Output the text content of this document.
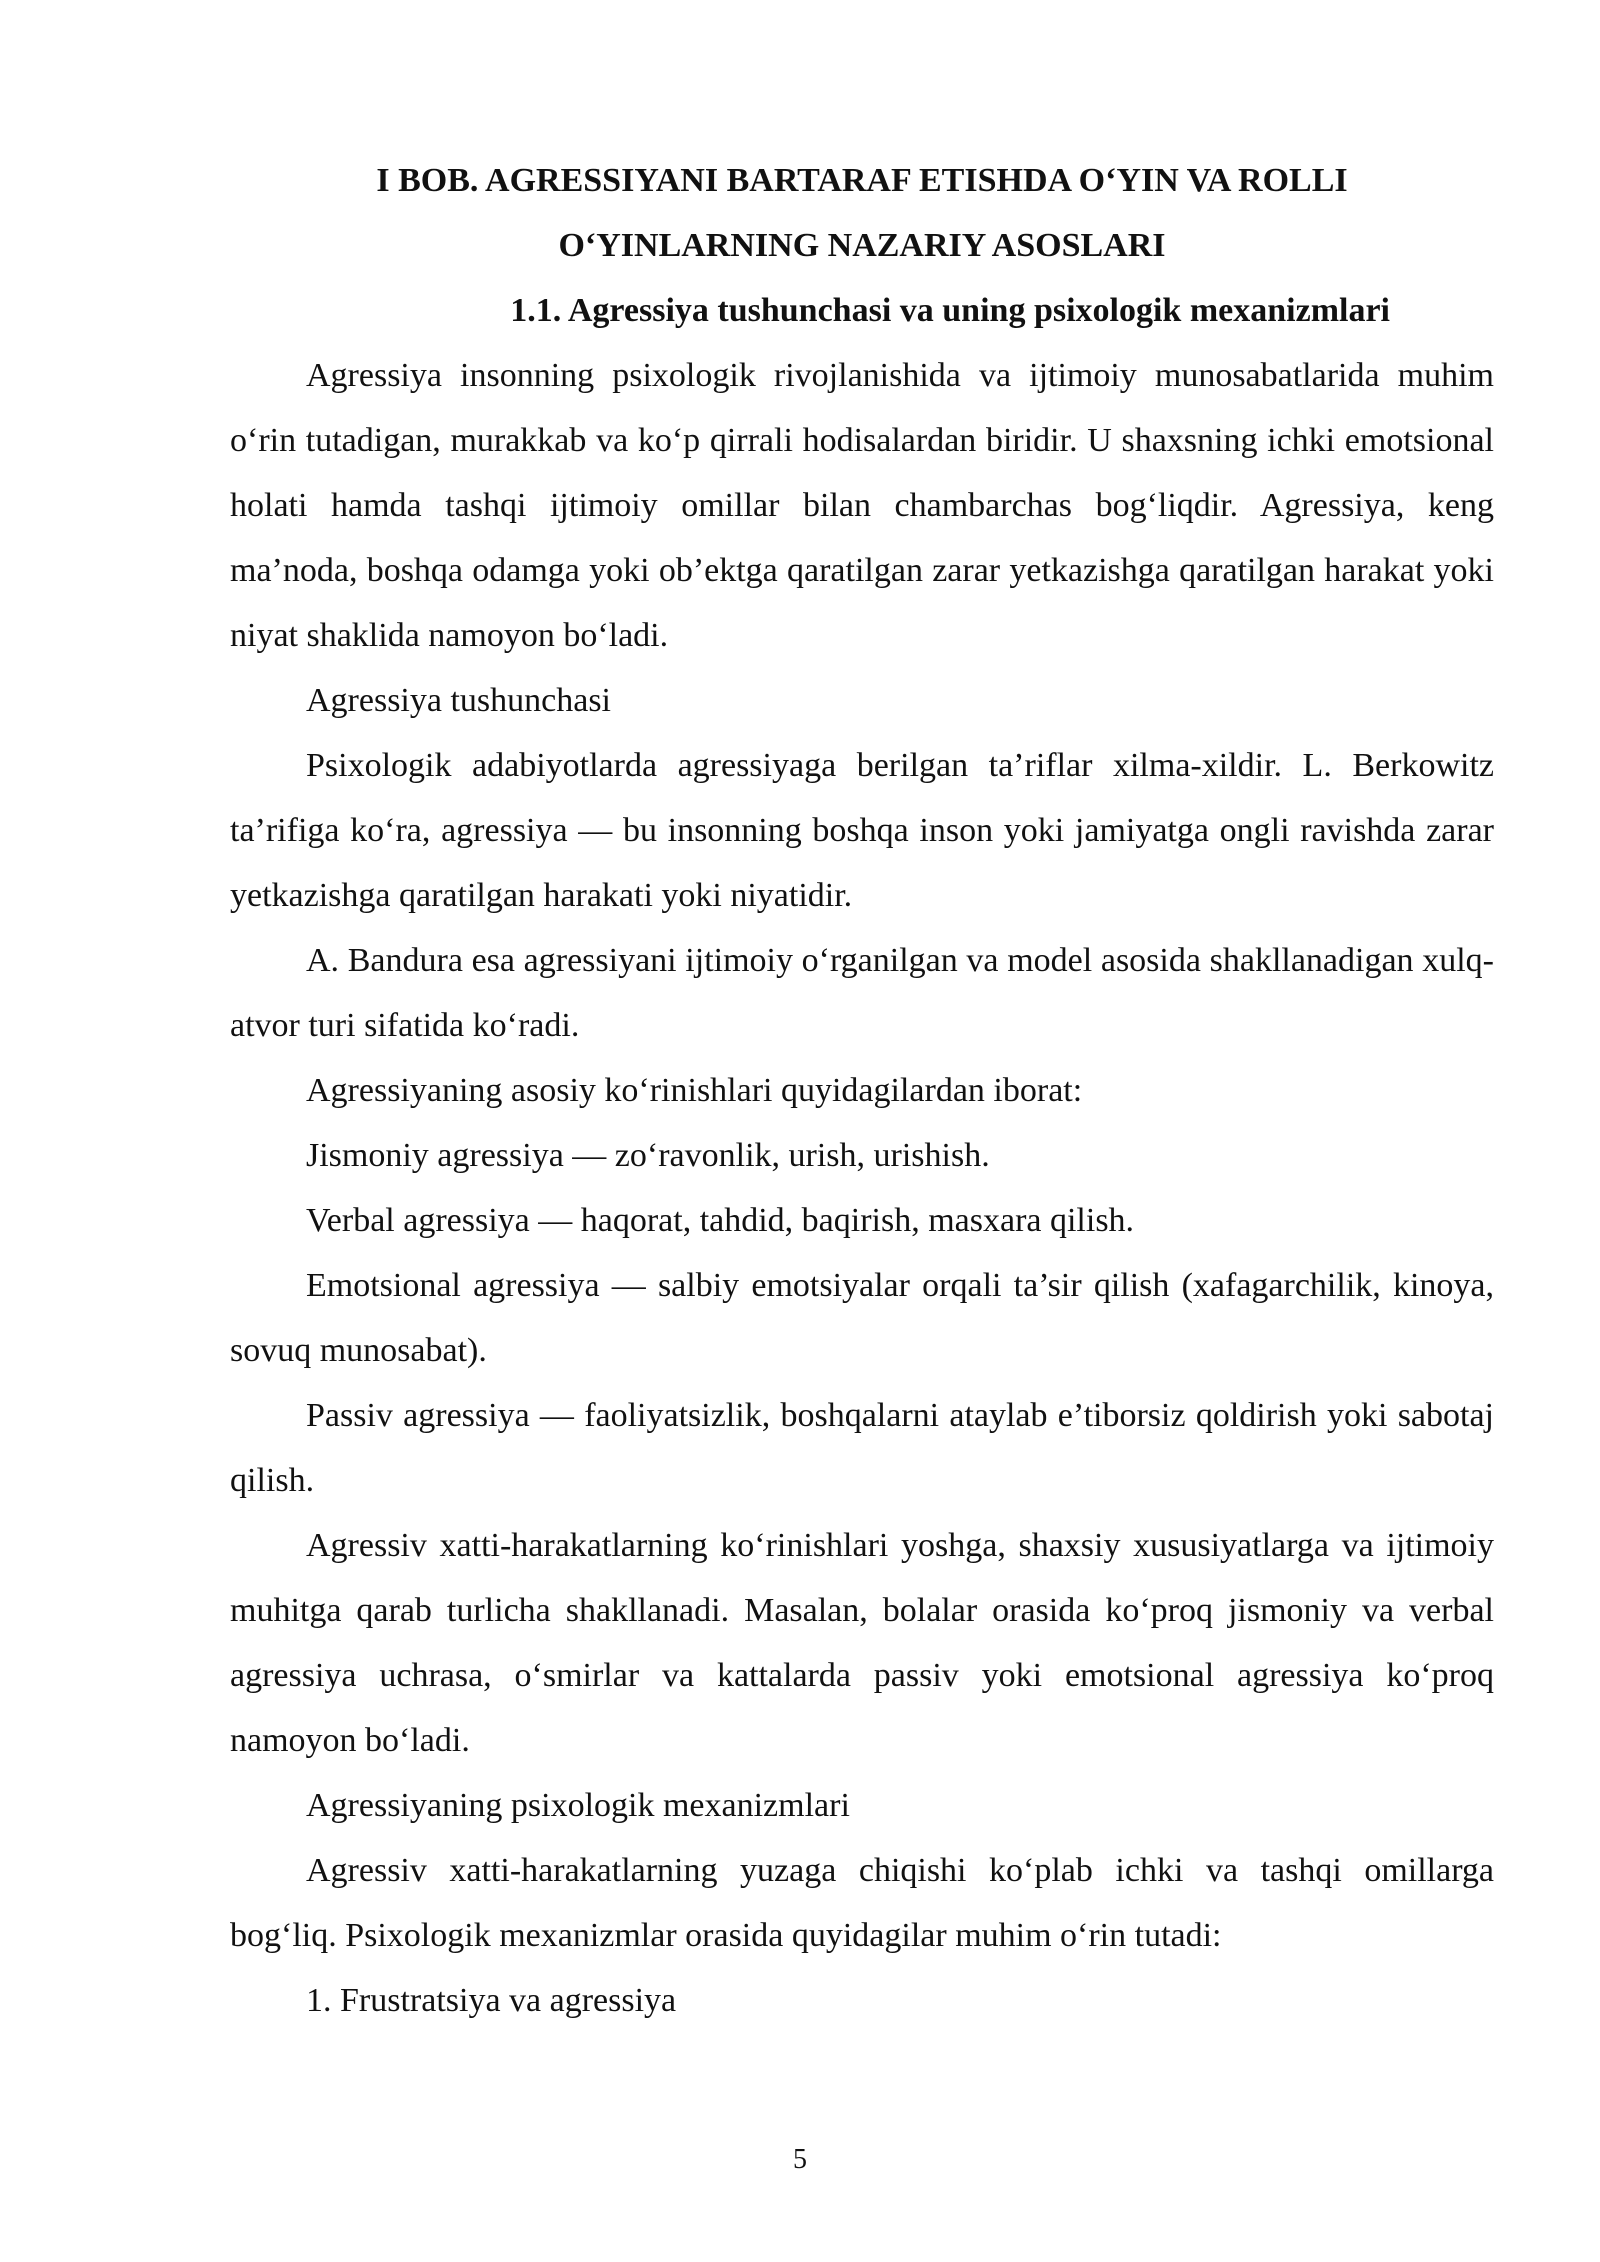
I BOB. AGRESSIYANI BARTARAF ETISHDA O‘YIN VA ROLLI

O‘YINLARNING NAZARIY ASOSLARI

1.1. Agressiya tushunchasi va uning psixologik mexanizmlari

Agressiya insonning psixologik rivojlanishida va ijtimoiy munosabatlarida muhim o‘rin tutadigan, murakkab va ko‘p qirrali hodisalardan biridir. U shaxsning ichki emotsional holati hamda tashqi ijtimoiy omillar bilan chambarchas bog‘liqdir. Agressiya, keng ma’noda, boshqa odamga yoki ob’ektga qaratilgan zarar yetkazishga qaratilgan harakat yoki niyat shaklida namoyon bo‘ladi.

Agressiya tushunchasi

Psixologik adabiyotlarda agressiyaga berilgan ta’riflar xilma-xildir. L. Berkowitz ta’rifiga ko‘ra, agressiya — bu insonning boshqa inson yoki jamiyatga ongli ravishda zarar yetkazishga qaratilgan harakati yoki niyatidir.

A. Bandura esa agressiyani ijtimoiy o‘rganilgan va model asosida shakllanadigan xulq-atvor turi sifatida ko‘radi.

Agressiyaning asosiy ko‘rinishlari quyidagilardan iborat:

Jismoniy agressiya — zo‘ravonlik, urish, urishish.

Verbal agressiya — haqorat, tahdid, baqirish, masxara qilish.

Emotsional agressiya — salbiy emotsiyalar orqali ta’sir qilish (xafagarchilik, kinoya, sovuq munosabat).

Passiv agressiya — faoliyatsizlik, boshqalarni ataylab e’tiborsiz qoldirish yoki sabotaj qilish.

Agressiv xatti-harakatlarning ko‘rinishlari yoshga, shaxsiy xususiyatlarga va ijtimoiy muhitga qarab turlicha shakllanadi. Masalan, bolalar orasida ko‘proq jismoniy va verbal agressiya uchrasa, o‘smirlar va kattalarda passiv yoki emotsional agressiya ko‘proq namoyon bo‘ladi.

Agressiyaning psixologik mexanizmlari

Agressiv xatti-harakatlarning yuzaga chiqishi ko‘plab ichki va tashqi omillarga bog‘liq. Psixologik mexanizmlar orasida quyidagilar muhim o‘rin tutadi:

1. Frustratsiya va agressiya

5
